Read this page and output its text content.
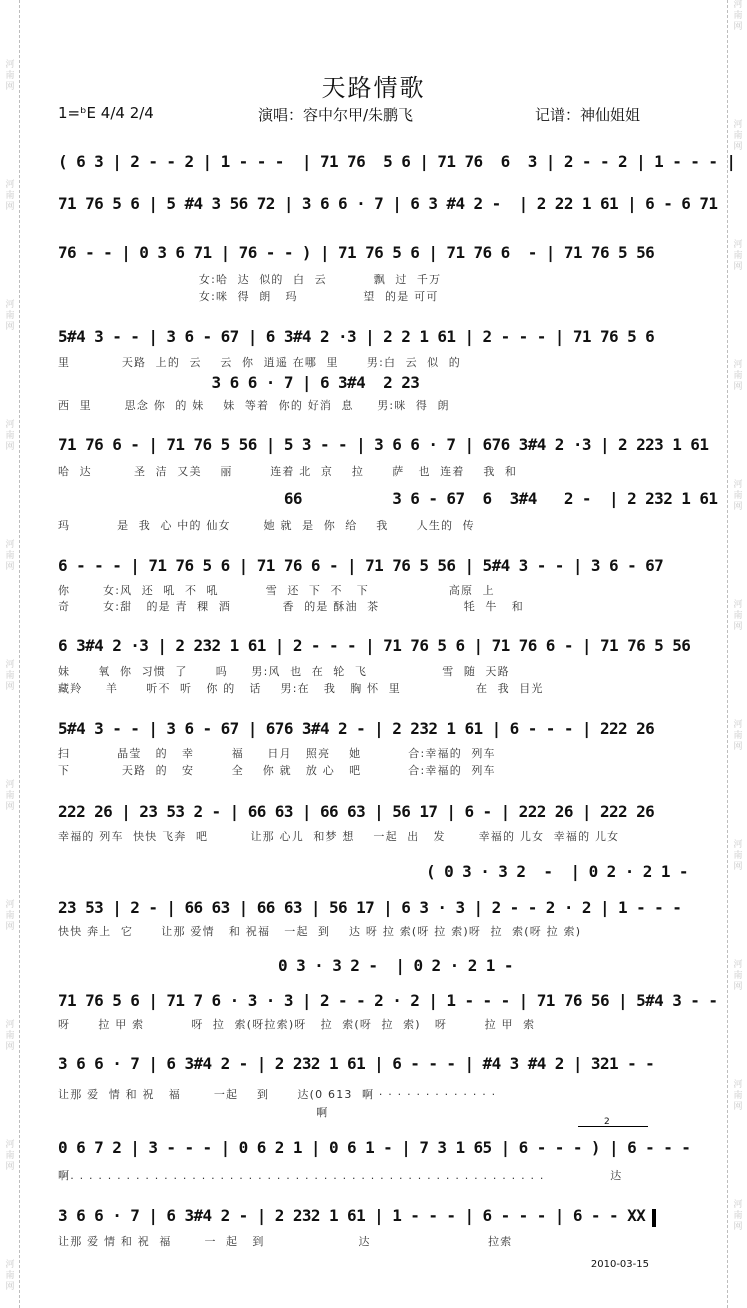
河
南
网
河
南
网
河
南
网
河
南
网
河
南
网
河
南
网
河
南
网
河
南
网
河
南
网
河
南
网
河
南
网
河
南
网
河
南
网
河
南
网
河
南
网
河
南
网
河
南
网
河
南
网
河
南
网
河
南
网
河
南
网
河
南
网
天路情歌
1=ᵇE 4/4 2/4	演唱：容中尔甲/朱鹏飞	记谱：神仙姐姐
( 6 3 | 2 - - 2 | 1 - - -  | 71 76  5 6 | 71 76  6  3 | 2 - - 2 | 1 - - - |
71 76 5 6 | 5 #4 3 56 72 | 3 6 6 · 7 | 6 3 #4 2 -  | 2 22 1 61 | 6 - 6 71
76 - - | 0 3 6 71 | 76 - - ) | 71 76 5 6 | 71 76 6  - | 71 76 5 56
女:哈  达  似的  白  云          飘  过  千万
女:咪  得  朗   玛              望  的是 可可
5#4 3 - - | 3 6 - 67 | 6 3#4 2 ·3 | 2 2 1 61 | 2 - - - | 71 76 5 6
里           天路  上的  云    云  你  逍遥 在哪  里      男:白  云  似  的
3 6 6 · 7 | 6 3#4  2 23
西  里       思念 你  的 妹    妹  等着  你的 好消  息     男:咪  得  朗
71 76 6 - | 71 76 5 56 | 5 3 - - | 3 6 6 · 7 | 676 3#4 2 ·3 | 2 223 1 61
哈  达         圣  洁  又美    丽        连着 北  京    拉      萨   也  连着    我  和
66          3 6 - 67  6  3#4   2 -  | 2 232 1 61
玛          是  我  心 中的 仙女       她 就  是  你  给    我      人生的  传
6 - - - | 71 76 5 6 | 71 76 6 - | 71 76 5 56 | 5#4 3 - - | 3 6 - 67
你       女:风  还  吼  不  吼          雪  还  下  不   下                 高原  上
奇       女:甜   的是 青  稞  酒           香  的是 酥油  茶                  牦  牛   和
6 3#4 2 ·3 | 2 232 1 61 | 2 - - - | 71 76 5 6 | 71 76 6 - | 71 76 5 56
妹      氧  你  习惯  了      吗     男:风  也  在  轮  飞                雪  随  天路
藏羚     羊      听不  听   你 的   话    男:在   我   胸 怀  里                在  我  目光
5#4 3 - - | 3 6 - 67 | 676 3#4 2 - | 2 232 1 61 | 6 - - - | 222 26
扫          晶莹   的   幸        福     日月   照亮    她          合:幸福的  列车
下           天路  的   安        全    你 就   放 心   吧          合:幸福的  列车
222 26 | 23 53 2 - | 66 63 | 66 63 | 56 17 | 6 - | 222 26 | 222 26
幸福的 列车  快快 飞奔  吧         让那 心儿  和梦 想    一起  出   发       幸福的 儿女  幸福的 儿女
( 0 3 · 3 2  -  | 0 2 · 2 1 -
23 53 | 2 - | 66 63 | 66 63 | 56 17 | 6 3 · 3 | 2 - - 2 · 2 | 1 - - -
快快 奔上  它      让那 爱情   和 祝福   一起  到    达 呀 拉 索(呀 拉 索)呀  拉  索(呀 拉 索)
0 3 · 3 2 -  | 0 2 · 2 1 -
71 76 5 6 | 71 7 6 · 3 · 3 | 2 - - 2 · 2 | 1 - - - | 71 76 56 | 5#4 3 - -
呀      拉 甲 索          呀  拉  索(呀拉索)呀   拉  索(呀  拉  索)   呀        拉 甲  索
3 6 6 · 7 | 6 3#4 2 - | 2 232 1 61 | 6 - - - | #4 3 #4 2 | 321 - -
让那 爱  情 和 祝   福       一起    到      达(0 613  啊 · · · · · · · · · · · · ·
啊
0 6 7 2 | 3 - - - | 0 6 2 1 | 0 6 1 - | 7 3 1 65 | 6 - - - ) | 6 - - -
啊. . . . . . . . . . . . . . . . . . . . . . . . . . . . . . . . . . . . . . . . . . . . . . . . . . .              达
2
3 6 6 · 7 | 6 3#4 2 - | 2 232 1 61 | 1 - - - | 6 - - - | 6 - - XX
让那 爱 情 和 祝  福       一  起   到                    达                         拉索
2010-03-15
